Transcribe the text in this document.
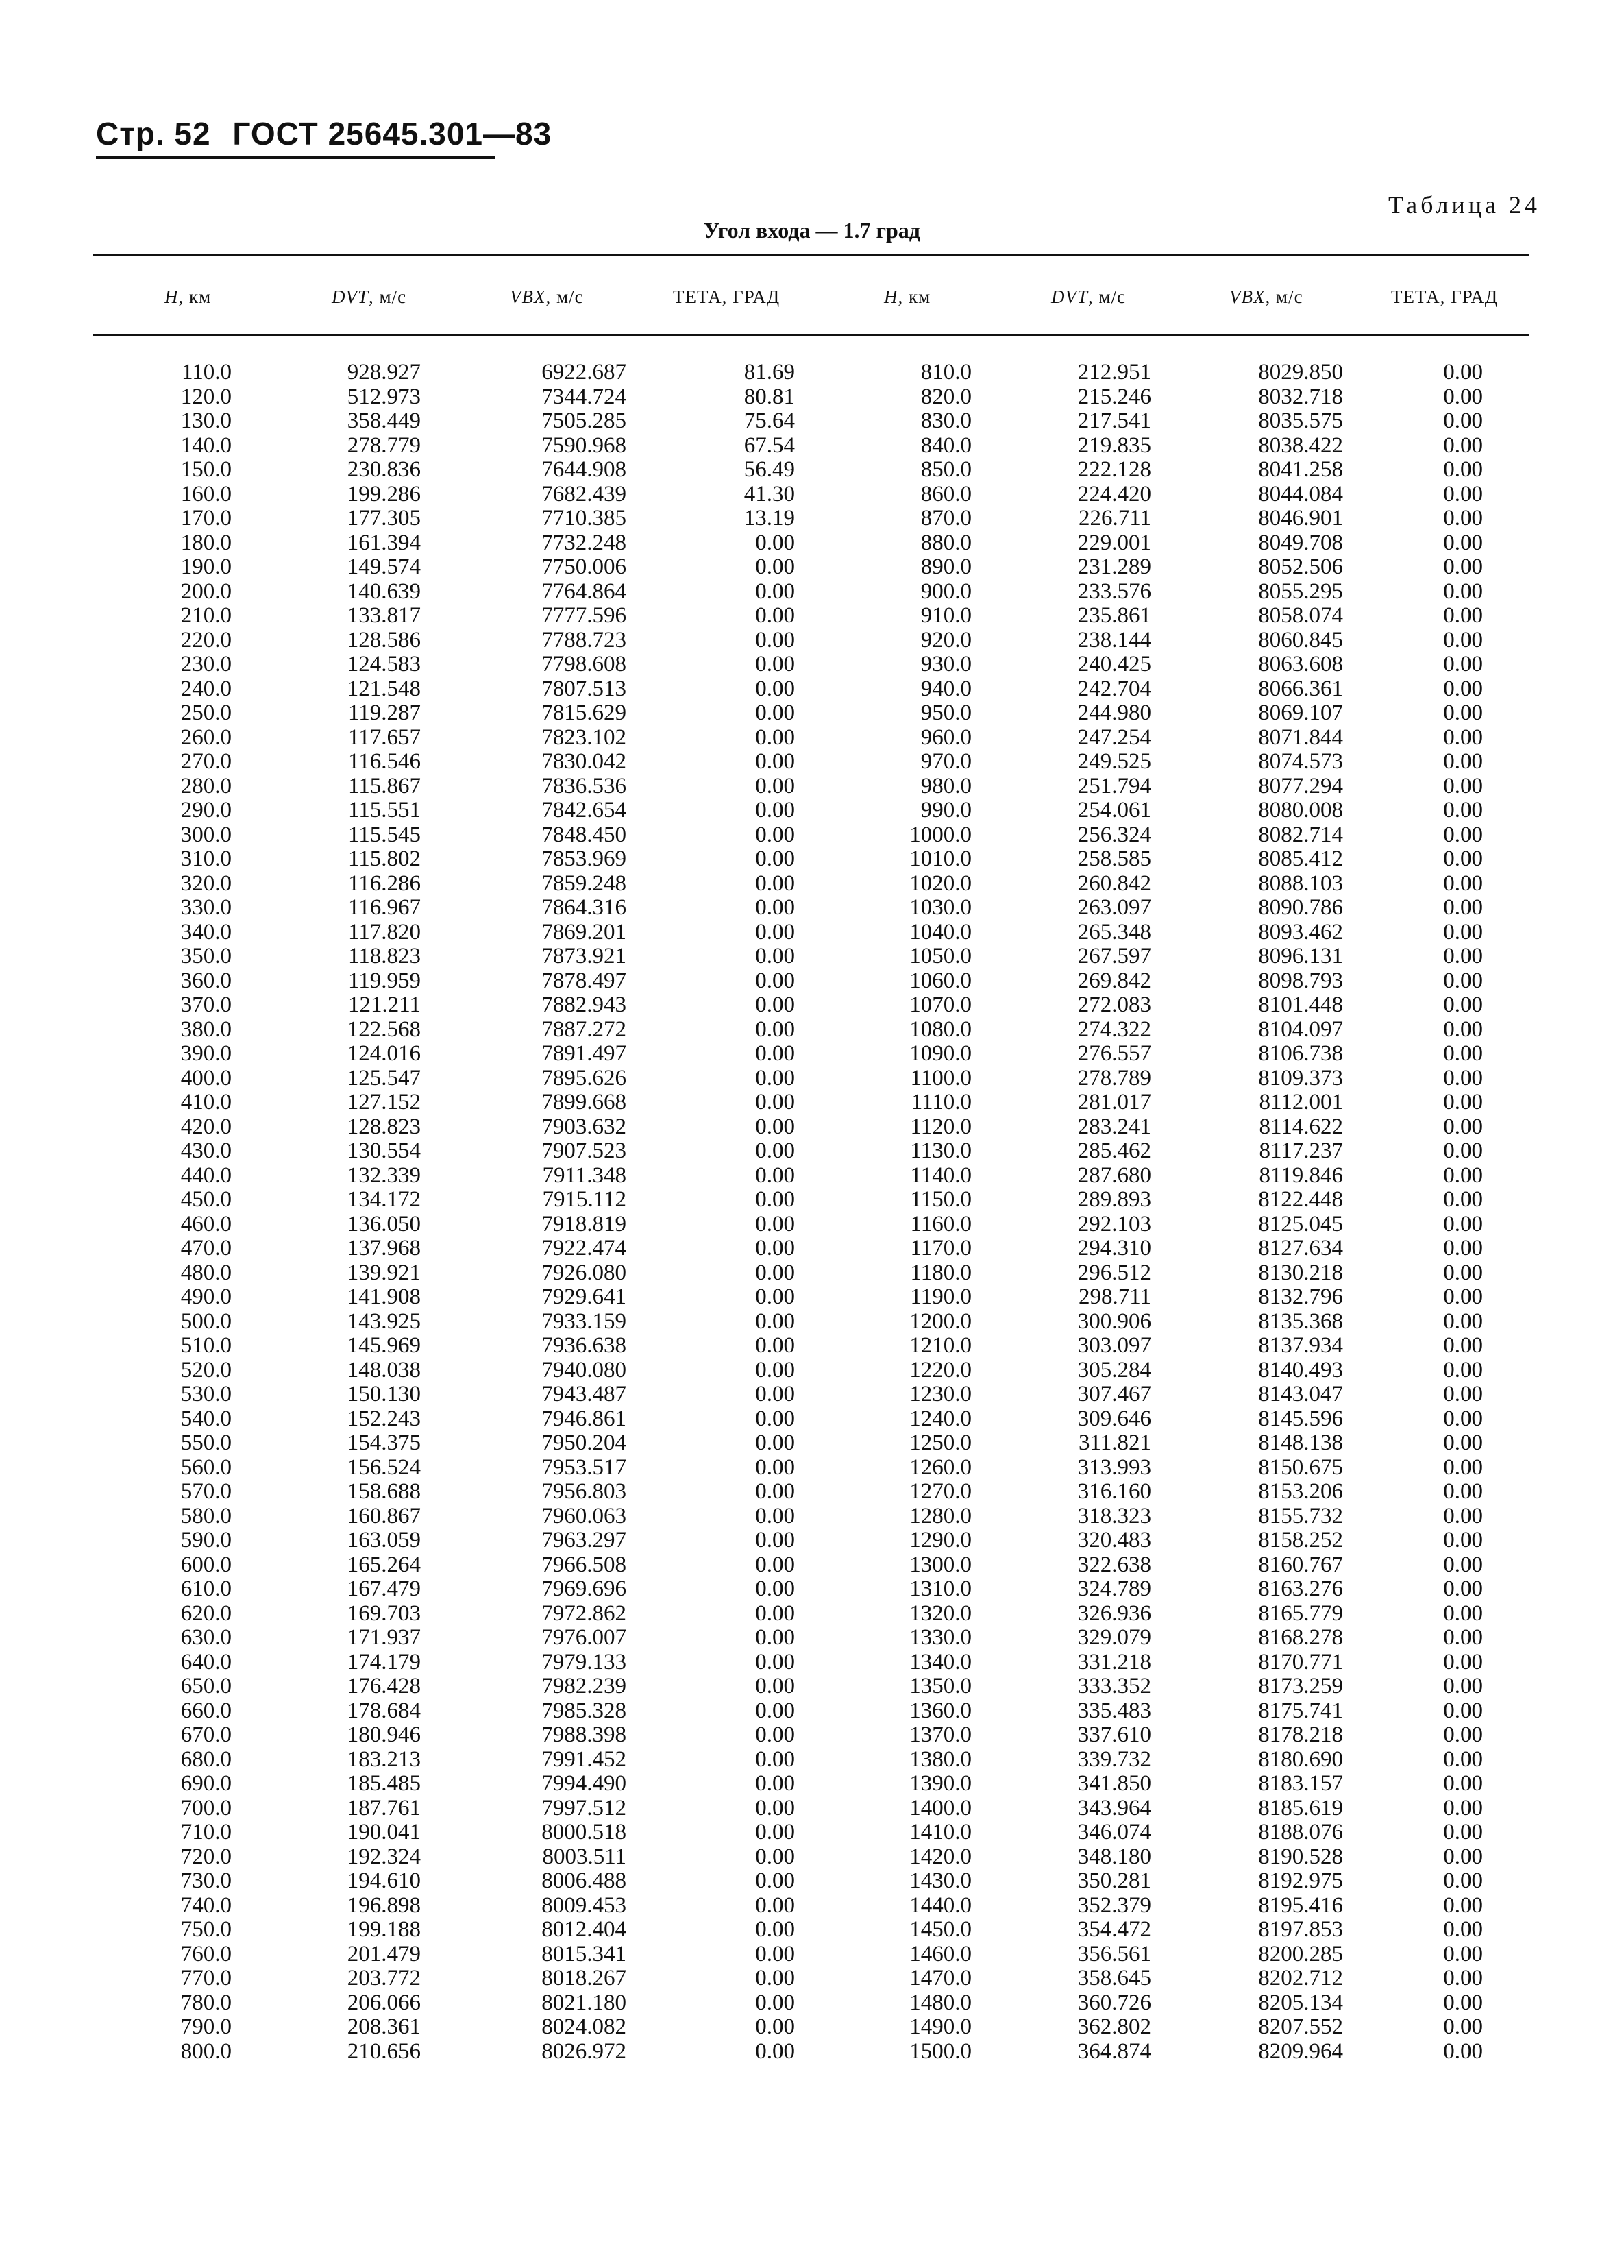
Стр. 52 ГОСТ 25645.301—83
Таблица 24
Угол входа — 1.7 град
H, км	DVT, м/с	VBX, м/с	ТЕТА, ГРАД	H, км	DVT, м/с	VBX, м/с	ТЕТА, ГРАД
110.0	928.927	6922.687	81.69	810.0	212.951	8029.850	0.00
120.0	512.973	7344.724	80.81	820.0	215.246	8032.718	0.00
130.0	358.449	7505.285	75.64	830.0	217.541	8035.575	0.00
140.0	278.779	7590.968	67.54	840.0	219.835	8038.422	0.00
150.0	230.836	7644.908	56.49	850.0	222.128	8041.258	0.00
160.0	199.286	7682.439	41.30	860.0	224.420	8044.084	0.00
170.0	177.305	7710.385	13.19	870.0	226.711	8046.901	0.00
180.0	161.394	7732.248	0.00	880.0	229.001	8049.708	0.00
190.0	149.574	7750.006	0.00	890.0	231.289	8052.506	0.00
200.0	140.639	7764.864	0.00	900.0	233.576	8055.295	0.00
210.0	133.817	7777.596	0.00	910.0	235.861	8058.074	0.00
220.0	128.586	7788.723	0.00	920.0	238.144	8060.845	0.00
230.0	124.583	7798.608	0.00	930.0	240.425	8063.608	0.00
240.0	121.548	7807.513	0.00	940.0	242.704	8066.361	0.00
250.0	119.287	7815.629	0.00	950.0	244.980	8069.107	0.00
260.0	117.657	7823.102	0.00	960.0	247.254	8071.844	0.00
270.0	116.546	7830.042	0.00	970.0	249.525	8074.573	0.00
280.0	115.867	7836.536	0.00	980.0	251.794	8077.294	0.00
290.0	115.551	7842.654	0.00	990.0	254.061	8080.008	0.00
300.0	115.545	7848.450	0.00	1000.0	256.324	8082.714	0.00
310.0	115.802	7853.969	0.00	1010.0	258.585	8085.412	0.00
320.0	116.286	7859.248	0.00	1020.0	260.842	8088.103	0.00
330.0	116.967	7864.316	0.00	1030.0	263.097	8090.786	0.00
340.0	117.820	7869.201	0.00	1040.0	265.348	8093.462	0.00
350.0	118.823	7873.921	0.00	1050.0	267.597	8096.131	0.00
360.0	119.959	7878.497	0.00	1060.0	269.842	8098.793	0.00
370.0	121.211	7882.943	0.00	1070.0	272.083	8101.448	0.00
380.0	122.568	7887.272	0.00	1080.0	274.322	8104.097	0.00
390.0	124.016	7891.497	0.00	1090.0	276.557	8106.738	0.00
400.0	125.547	7895.626	0.00	1100.0	278.789	8109.373	0.00
410.0	127.152	7899.668	0.00	1110.0	281.017	8112.001	0.00
420.0	128.823	7903.632	0.00	1120.0	283.241	8114.622	0.00
430.0	130.554	7907.523	0.00	1130.0	285.462	8117.237	0.00
440.0	132.339	7911.348	0.00	1140.0	287.680	8119.846	0.00
450.0	134.172	7915.112	0.00	1150.0	289.893	8122.448	0.00
460.0	136.050	7918.819	0.00	1160.0	292.103	8125.045	0.00
470.0	137.968	7922.474	0.00	1170.0	294.310	8127.634	0.00
480.0	139.921	7926.080	0.00	1180.0	296.512	8130.218	0.00
490.0	141.908	7929.641	0.00	1190.0	298.711	8132.796	0.00
500.0	143.925	7933.159	0.00	1200.0	300.906	8135.368	0.00
510.0	145.969	7936.638	0.00	1210.0	303.097	8137.934	0.00
520.0	148.038	7940.080	0.00	1220.0	305.284	8140.493	0.00
530.0	150.130	7943.487	0.00	1230.0	307.467	8143.047	0.00
540.0	152.243	7946.861	0.00	1240.0	309.646	8145.596	0.00
550.0	154.375	7950.204	0.00	1250.0	311.821	8148.138	0.00
560.0	156.524	7953.517	0.00	1260.0	313.993	8150.675	0.00
570.0	158.688	7956.803	0.00	1270.0	316.160	8153.206	0.00
580.0	160.867	7960.063	0.00	1280.0	318.323	8155.732	0.00
590.0	163.059	7963.297	0.00	1290.0	320.483	8158.252	0.00
600.0	165.264	7966.508	0.00	1300.0	322.638	8160.767	0.00
610.0	167.479	7969.696	0.00	1310.0	324.789	8163.276	0.00
620.0	169.703	7972.862	0.00	1320.0	326.936	8165.779	0.00
630.0	171.937	7976.007	0.00	1330.0	329.079	8168.278	0.00
640.0	174.179	7979.133	0.00	1340.0	331.218	8170.771	0.00
650.0	176.428	7982.239	0.00	1350.0	333.352	8173.259	0.00
660.0	178.684	7985.328	0.00	1360.0	335.483	8175.741	0.00
670.0	180.946	7988.398	0.00	1370.0	337.610	8178.218	0.00
680.0	183.213	7991.452	0.00	1380.0	339.732	8180.690	0.00
690.0	185.485	7994.490	0.00	1390.0	341.850	8183.157	0.00
700.0	187.761	7997.512	0.00	1400.0	343.964	8185.619	0.00
710.0	190.041	8000.518	0.00	1410.0	346.074	8188.076	0.00
720.0	192.324	8003.511	0.00	1420.0	348.180	8190.528	0.00
730.0	194.610	8006.488	0.00	1430.0	350.281	8192.975	0.00
740.0	196.898	8009.453	0.00	1440.0	352.379	8195.416	0.00
750.0	199.188	8012.404	0.00	1450.0	354.472	8197.853	0.00
760.0	201.479	8015.341	0.00	1460.0	356.561	8200.285	0.00
770.0	203.772	8018.267	0.00	1470.0	358.645	8202.712	0.00
780.0	206.066	8021.180	0.00	1480.0	360.726	8205.134	0.00
790.0	208.361	8024.082	0.00	1490.0	362.802	8207.552	0.00
800.0	210.656	8026.972	0.00	1500.0	364.874	8209.964	0.00
